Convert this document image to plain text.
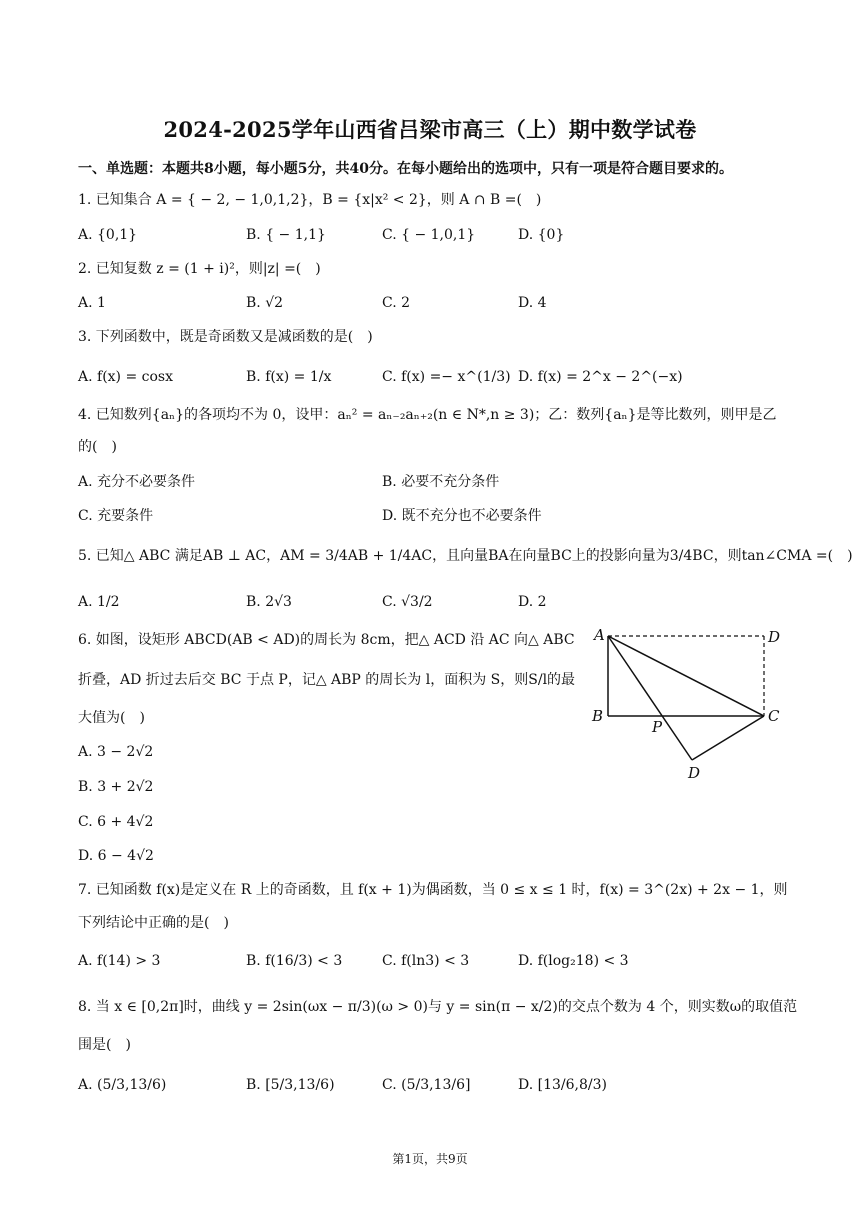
2024-2025学年山西省吕梁市高三（上）期中数学试卷
一、单选题：本题共8小题，每小题5分，共40分。在每小题给出的选项中，只有一项是符合题目要求的。
1. 已知集合 A = { − 2, − 1,0,1,2}，B = {x|x² < 2}，则 A ∩ B =(　)
A. {0,1}	B. { − 1,1}	C. { − 1,0,1}	D. {0}
2. 已知复数 z = (1 + i)²，则|z| =(　)
A. 1	B. √2	C. 2	D. 4
3. 下列函数中，既是奇函数又是减函数的是(　)
A. f(x) = cosx	B. f(x) = 1/x	C. f(x) =− x^(1/3) D. f(x) = 2^x − 2^(−x)
4. 已知数列{aₙ}的各项均不为 0，设甲：aₙ² = aₙ₋₂aₙ₊₂(n ∈ N*,n ≥ 3)；乙：数列{aₙ}是等比数列，则甲是乙
的(　)
A. 充分不必要条件	B. 必要不充分条件
C. 充要条件	D. 既不充分也不必要条件
5. 已知△ ABC 满足AB ⊥ AC，AM = 3/4AB + 1/4AC，且向量BA在向量BC上的投影向量为3/4BC，则tan∠CMA =(　)
A. 1/2	B. 2√3	C. √3/2	D. 2
6. 如图，设矩形 ABCD(AB < AD)的周长为 8cm，把△ ACD 沿 AC 向△ ABC
折叠，AD 折过去后交 BC 于点 P，记△ ABP 的周长为 l，面积为 S，则S/l的最
大值为(　)
A. 3 − 2√2
B. 3 + 2√2
C. 6 + 4√2
D. 6 − 4√2
A	D
B
P
C
D
7. 已知函数 f(x)是定义在 R 上的奇函数，且 f(x + 1)为偶函数，当 0 ≤ x ≤ 1 时，f(x) = 3^(2x) + 2x − 1，则
下列结论中正确的是(　)
A. f(14) > 3	B. f(16/3) < 3	C. f(ln3) < 3	D. f(log₂18) < 3
8. 当 x ∈ [0,2π]时，曲线 y = 2sin(ωx − π/3)(ω > 0)与 y = sin(π − x/2)的交点个数为 4 个，则实数ω的取值范
围是(　)
A. (5/3,13/6)	B. [5/3,13/6)	C. (5/3,13/6]	D. [13/6,8/3)
第1页，共9页
